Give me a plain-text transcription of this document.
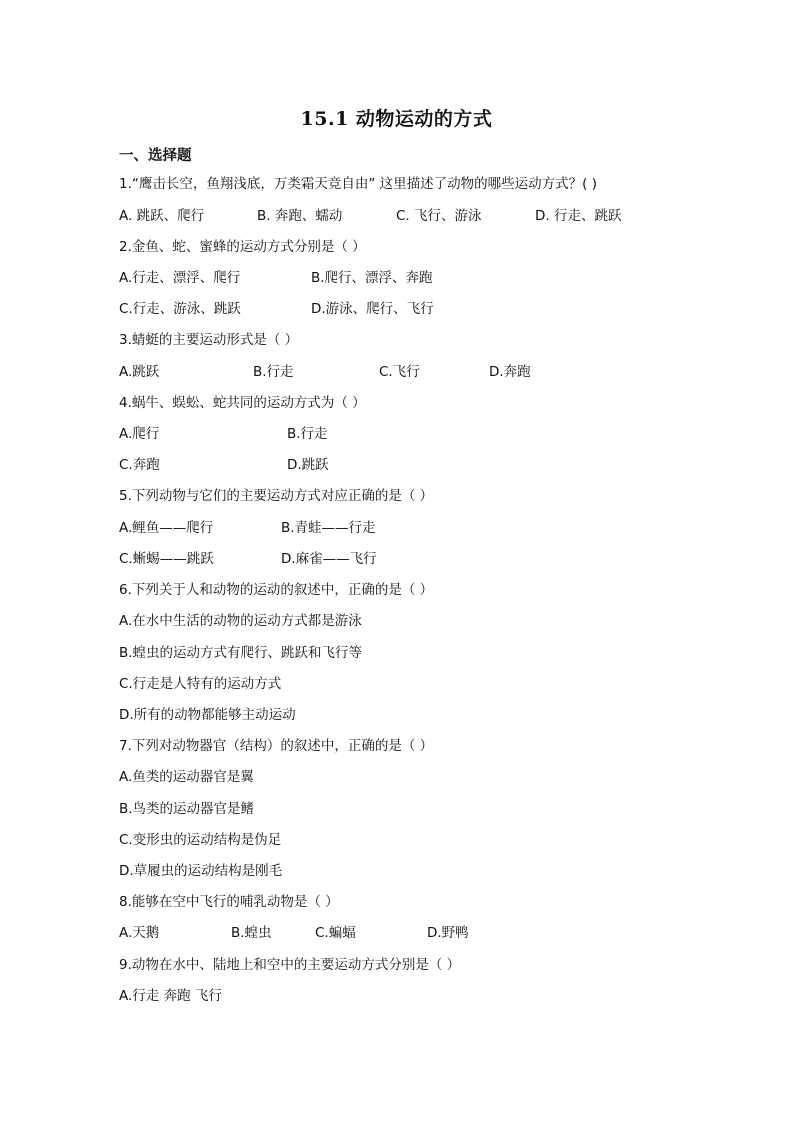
15.1 动物运动的方式
一、选择题
1.“鹰击长空，鱼翔浅底，万类霜天竞自由” 这里描述了动物的哪些运动方式？( )
A. 跳跃、爬行	B. 奔跑、蠕动	C. 飞行、游泳	D. 行走、跳跃
2.金鱼、蛇、蜜蜂的运动方式分别是（ ）
A.行走、漂浮、爬行	B.爬行、漂浮、奔跑
C.行走、游泳、跳跃	D.游泳、爬行、飞行
3.蜻蜓的主要运动形式是（ ）
A.跳跃	B.行走	C.飞行	D.奔跑
4.蜗牛、蜈蚣、蛇共同的运动方式为（ ）
A.爬行	B.行走
C.奔跑	D.跳跃
5.下列动物与它们的主要运动方式对应正确的是（ ）
A.鲤鱼——爬行	B.青蛙——行走
C.蜥蜴——跳跃	D.麻雀——飞行
6.下列关于人和动物的运动的叙述中，正确的是（ ）
A.在水中生活的动物的运动方式都是游泳
B.蝗虫的运动方式有爬行、跳跃和飞行等
C.行走是人特有的运动方式
D.所有的动物都能够主动运动
7.下列对动物器官（结构）的叙述中，正确的是（ ）
A.鱼类的运动器官是翼
B.鸟类的运动器官是鳍
C.变形虫的运动结构是伪足
D.草履虫的运动结构是刚毛
8.能够在空中飞行的哺乳动物是（ ）
A.天鹅	B.蝗虫	C.蝙蝠	D.野鸭
9.动物在水中、陆地上和空中的主要运动方式分别是（ ）
A.行走 奔跑 飞行
